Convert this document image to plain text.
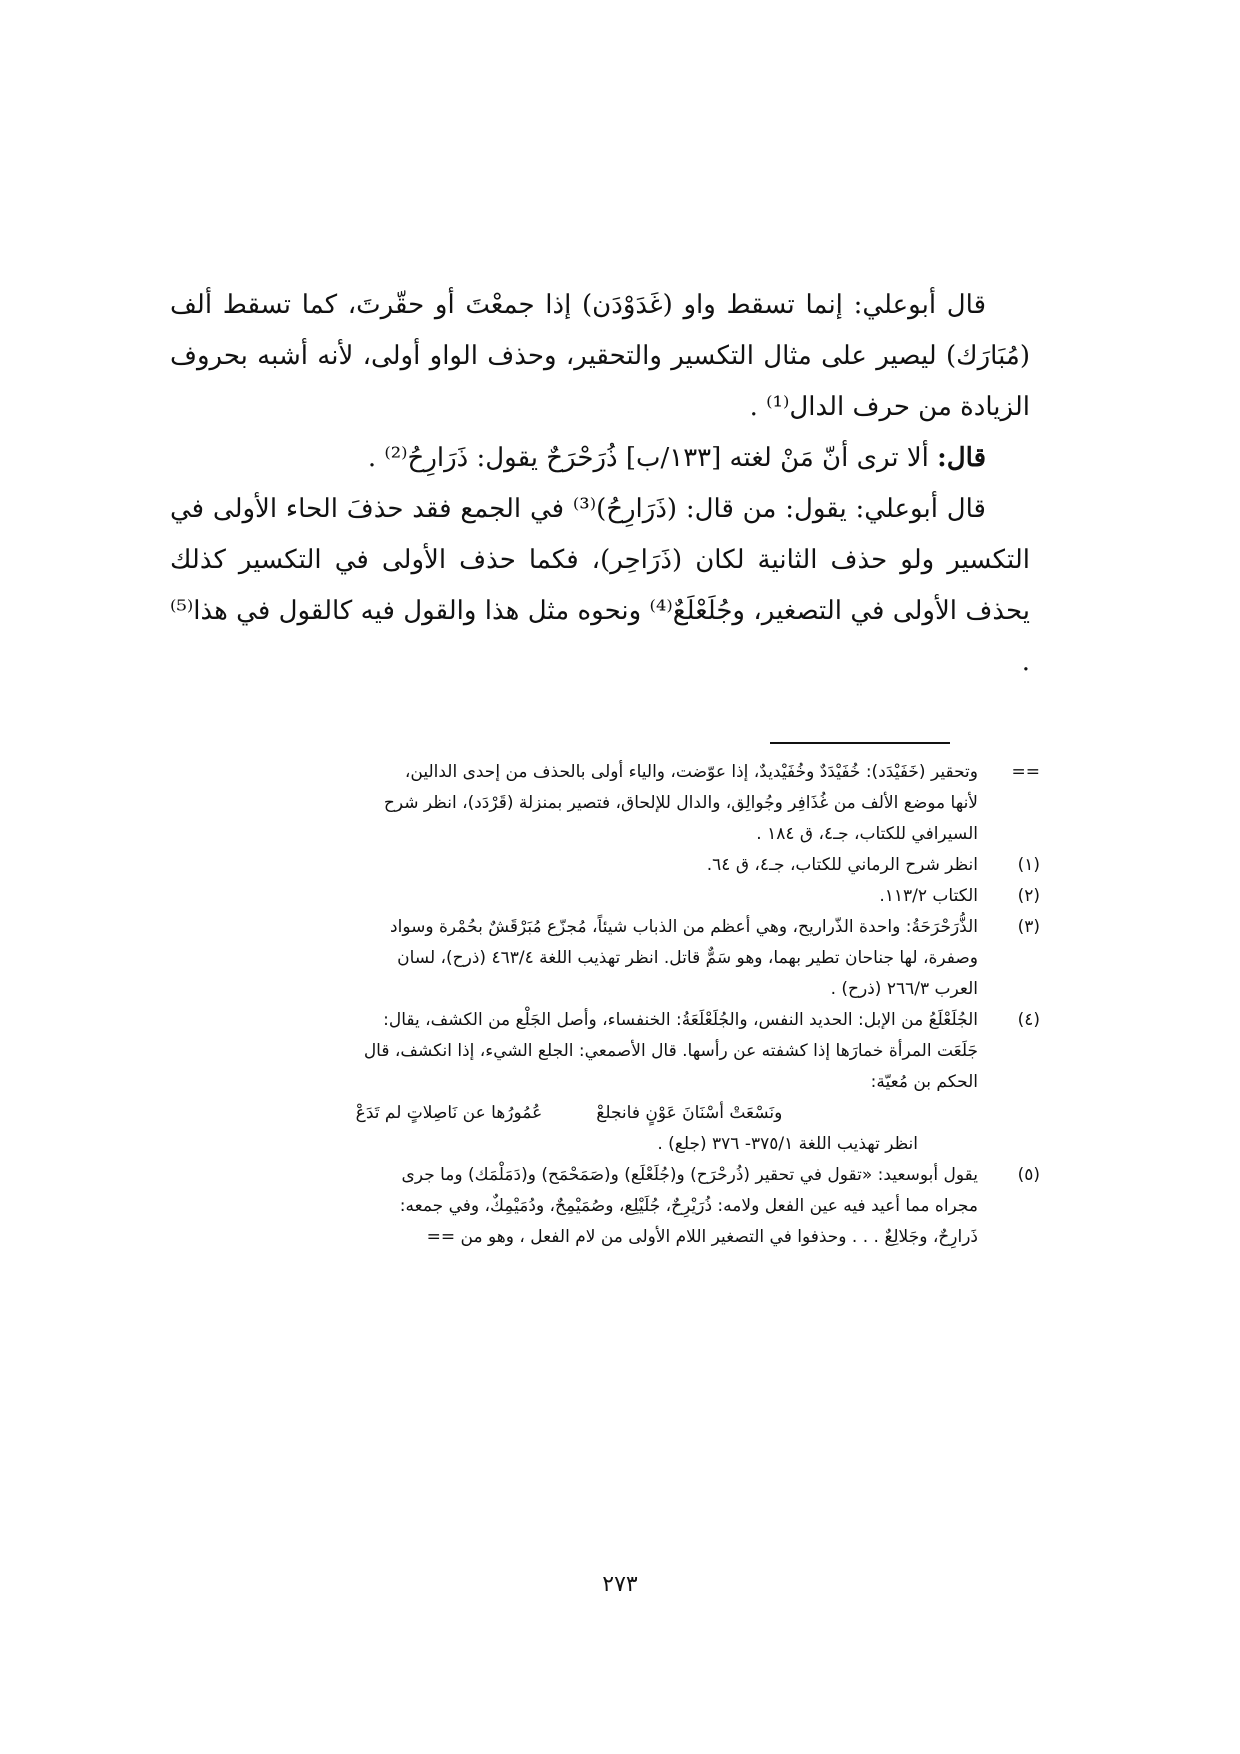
قال أبوعلي: إنما تسقط واو (غَدَوْدَن) إذا جمعْتَ أو حقّرتَ، كما تسقط ألف (مُبَارَك) ليصير على مثال التكسير والتحقير، وحذف الواو أولى، لأنه أشبه بحروف الزيادة من حرف الدال⁽¹⁾ .

قال: ألا ترى أنّ مَنْ لغته [١٣٣/ب] ذُرَحْرَحٌ يقول: ذَرَارِحُ⁽²⁾ .

قال أبوعلي: يقول: من قال: (ذَرَارِحُ)⁽³⁾ في الجمع فقد حذفَ الحاء الأولى في التكسير ولو حذف الثانية لكان (ذَرَاحِر)، فكما حذف الأولى في التكسير كذلك يحذف الأولى في التصغير، وجُلَعْلَعٌ⁽⁴⁾ ونحوه مثل هذا والقول فيه كالقول في هذا⁽⁵⁾ .

==
وتحقير (خَفَيْدَد): خُفَيْدَدٌ وخُفَيْديدٌ، إذا عوّضت، والياء أولى بالحذف من إحدى الدالين،
لأنها موضع الألف من غُذَافِر وجُوالِق، والدال للإلحاق، فتصير بمنزلة (قَرْدَد)، انظر شرح
السيرافي للكتاب، جـ٤، ق ١٨٤ .
(١)
انظر شرح الرماني للكتاب، جـ٤، ق ٦٤.
(٢)
الكتاب ١١٣/٢.
(٣)
الذُّرَحْرَحَةُ: واحدة الذّراريح، وهي أعظم من الذباب شيئاً، مُجزّع مُبَرْقَشٌ بحُمْرة وسواد
وصفرة، لها جناحان تطير بهما، وهو سَمٌّ قاتل. انظر تهذيب اللغة ٤٦٣/٤ (ذرح)، لسان
العرب ٢٦٦/٣ (ذرح) .
(٤)
الجُلَعْلَعُ من الإبل: الحديد النفس، والجُلَعْلَعَةُ: الخنفساء، وأصل الجَلْع من الكشف، يقال:
جَلَعَت المرأة خمارَها إذا كشفته عن رأسها. قال الأصمعي: الجلع الشيء، إذا انكشف، قال
الحكم بن مُعيّة:
ونَسْعَتْ أسْنَانَ عَوْنٍ فانجلعْ
عُمُورُها عن نَاصِلاتٍ لم تَدَعْ
انظر تهذيب اللغة ٣٧٥/١- ٣٧٦ (جلع) .
(٥)
يقول أبوسعيد: «تقول في تحقير (ذُرحْرَح) و(جُلَعْلَع) و(صَمَحْمَح) و(دَمَلْمَك) وما جرى
مجراه مما أعيد فيه عين الفعل ولامه: ذُرَيْرِحٌ، جُلَيْلِع، وصُمَيْمِحٌ، ودُمَيْمِكٌ، وفي جمعه:
ذَرارِحٌ، وجَلالِعٌ . . . وحذفوا في التصغير اللام الأولى من لام الفعل ، وهو من ==
٢٧٣
